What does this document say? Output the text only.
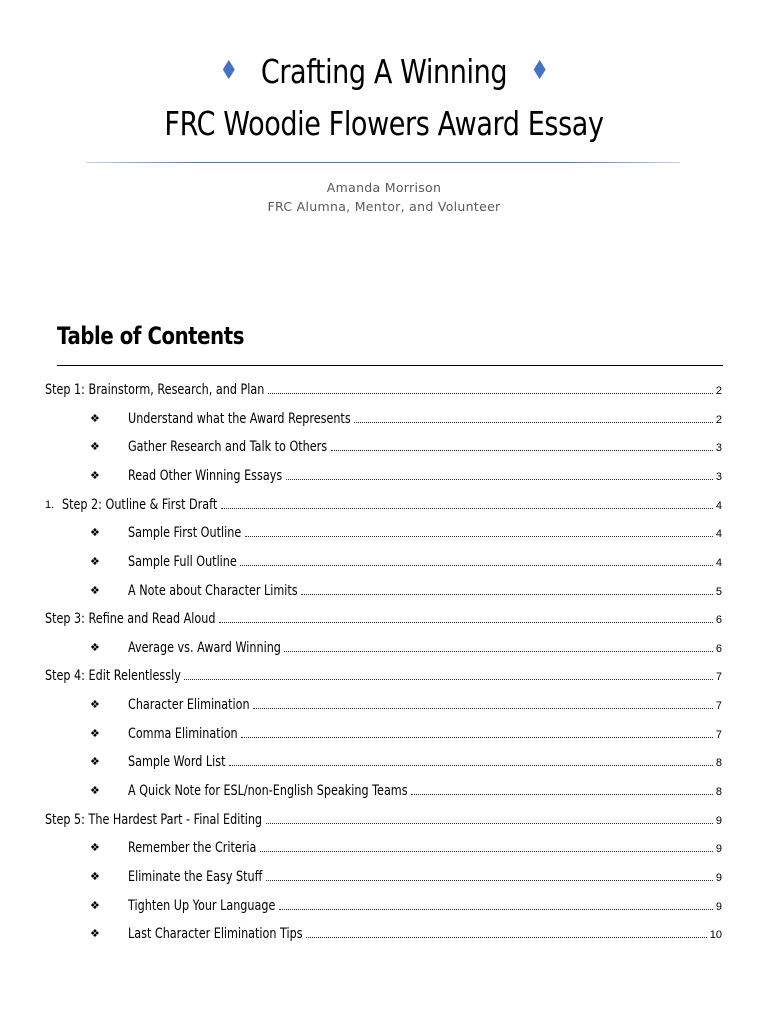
♦ Crafting A Winning ♦
FRC Woodie Flowers Award Essay
Amanda Morrison
FRC Alumna, Mentor, and Volunteer
Table of Contents
Step 1: Brainstorm, Research, and Plan	2
Understand what the Award Represents	2
Gather Research and Talk to Others	3
Read Other Winning Essays	3
Step 2: Outline & First Draft	4
Sample First Outline	4
Sample Full Outline	4
A Note about Character Limits	5
Step 3: Refine and Read Aloud	6
Average vs. Award Winning	6
Step 4: Edit Relentlessly	7
Character Elimination	7
Comma Elimination	7
Sample Word List	8
A Quick Note for ESL/non-English Speaking Teams	8
Step 5: The Hardest Part - Final Editing	9
Remember the Criteria	9
Eliminate the Easy Stuff	9
Tighten Up Your Language	9
Last Character Elimination Tips	10
❖
❖
❖
1.
❖
❖
❖
❖
❖
❖
❖
❖
❖
❖
❖
❖
